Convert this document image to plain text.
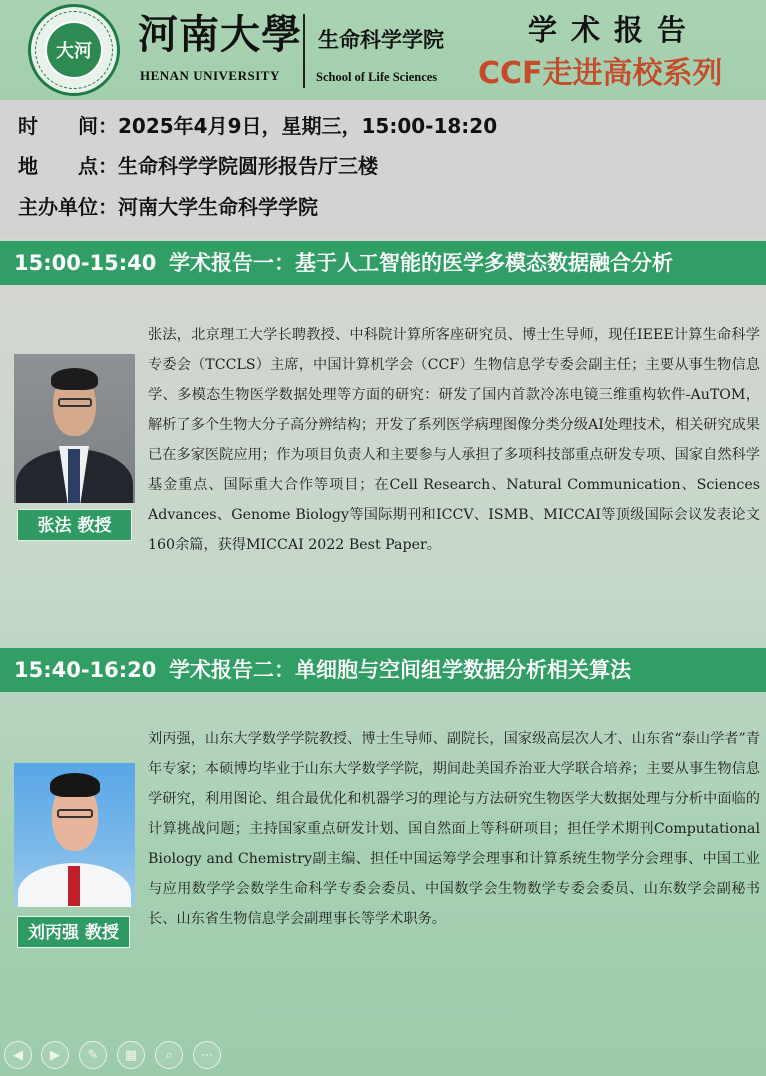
大河 河南大學
HENAN UNIVERSITY
生命科学学院
School of Life Sciences
学术报告
CCF走进高校系列
时　　间：2025年4月9日，星期三，15:00-18:20
地　　点：生命科学学院圆形报告厅三楼
主办单位：河南大学生命科学学院
15:00-15:40 学术报告一：基于人工智能的医学多模态数据融合分析
张法 教授
张法，北京理工大学长聘教授、中科院计算所客座研究员、博士生导师，现任IEEE计算生命科学专委会（TCCLS）主席，中国计算机学会（CCF）生物信息学专委会副主任；主要从事生物信息学、多模态生物医学数据处理等方面的研究：研发了国内首款冷冻电镜三维重构软件-AuTOM，解析了多个生物大分子高分辨结构；开发了系列医学病理图像分类分级AI处理技术，相关研究成果已在多家医院应用；作为项目负责人和主要参与人承担了多项科技部重点研发专项、国家自然科学基金重点、国际重大合作等项目；在Cell Research、Natural Communication、Sciences Advances、Genome Biology等国际期刊和ICCV、ISMB、MICCAI等顶级国际会议发表论文160余篇，获得MICCAI 2022 Best Paper。
15:40-16:20 学术报告二：单细胞与空间组学数据分析相关算法
刘丙强 教授
刘丙强，山东大学数学学院教授、博士生导师、副院长，国家级高层次人才、山东省“泰山学者”青年专家；本硕博均毕业于山东大学数学学院，期间赴美国乔治亚大学联合培养；主要从事生物信息学研究，利用图论、组合最优化和机器学习的理论与方法研究生物医学大数据处理与分析中面临的计算挑战问题；主持国家重点研发计划、国自然面上等科研项目；担任学术期刊Computational Biology and Chemistry副主编、担任中国运筹学会理事和计算系统生物学分会理事、中国工业与应用数学学会数学生命科学专委会委员、中国数学会生物数学专委会委员、山东数学会副秘书长、山东省生物信息学会副理事长等学术职务。
◀	▶	✎	▦	⌕	⋯
